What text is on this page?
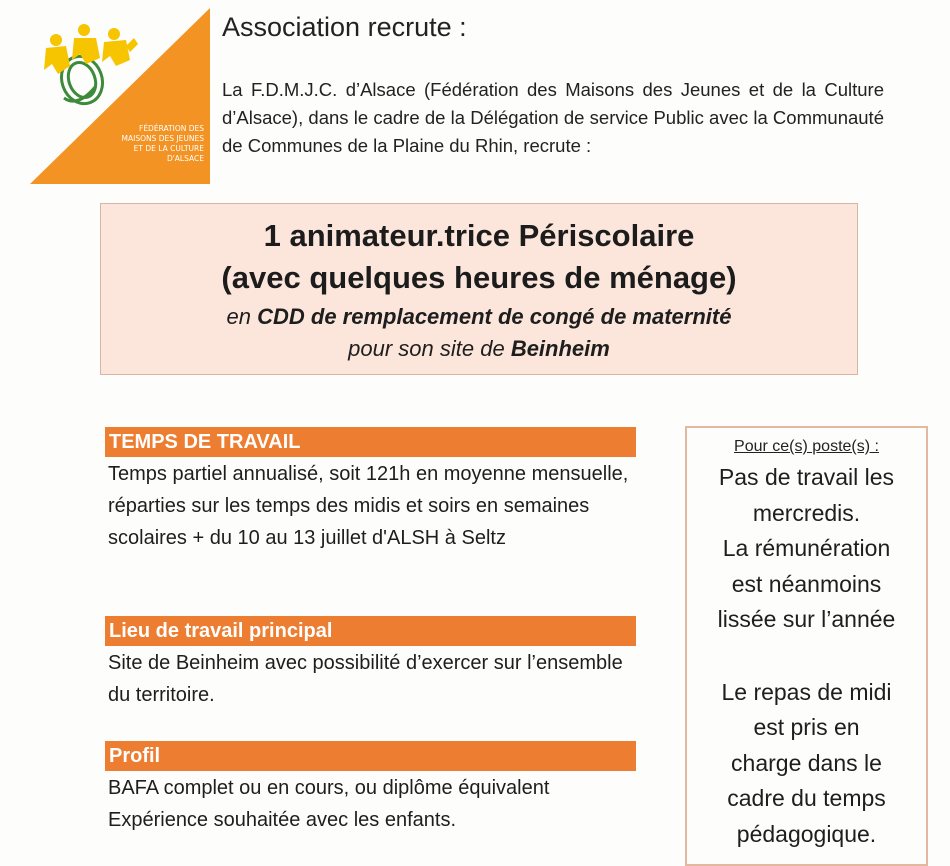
FÉDÉRATION DES
MAISONS DES JEUNES
ET DE LA CULTURE
D'ALSACE
Association recrute :

La F.D.M.J.C. d’Alsace (Fédération des Maisons des Jeunes et de la Culture d’Alsace), dans le cadre de la Délégation de service Public avec la Communauté de Communes de la Plaine du Rhin, recrute :

1 animateur.trice Périscolaire

(avec quelques heures de ménage)

en CDD de remplacement de congé de maternité

pour son site de Beinheim

TEMPS DE TRAVAIL

Temps partiel annualisé, soit 121h en moyenne mensuelle, réparties sur les temps des midis et soirs en semaines scolaires + du 10 au 13 juillet d'ALSH à Seltz

Lieu de travail principal

Site de Beinheim avec possibilité d’exercer sur l’ensemble du territoire.

Profil

BAFA complet ou en cours, ou diplôme équivalent Expérience souhaitée avec les enfants.

Pour ce(s) poste(s) :

Pas de travail les
mercredis.
La rémunération
est néanmoins
lissée sur l’année

Le repas de midi
est pris en
charge dans le
cadre du temps
pédagogique.
